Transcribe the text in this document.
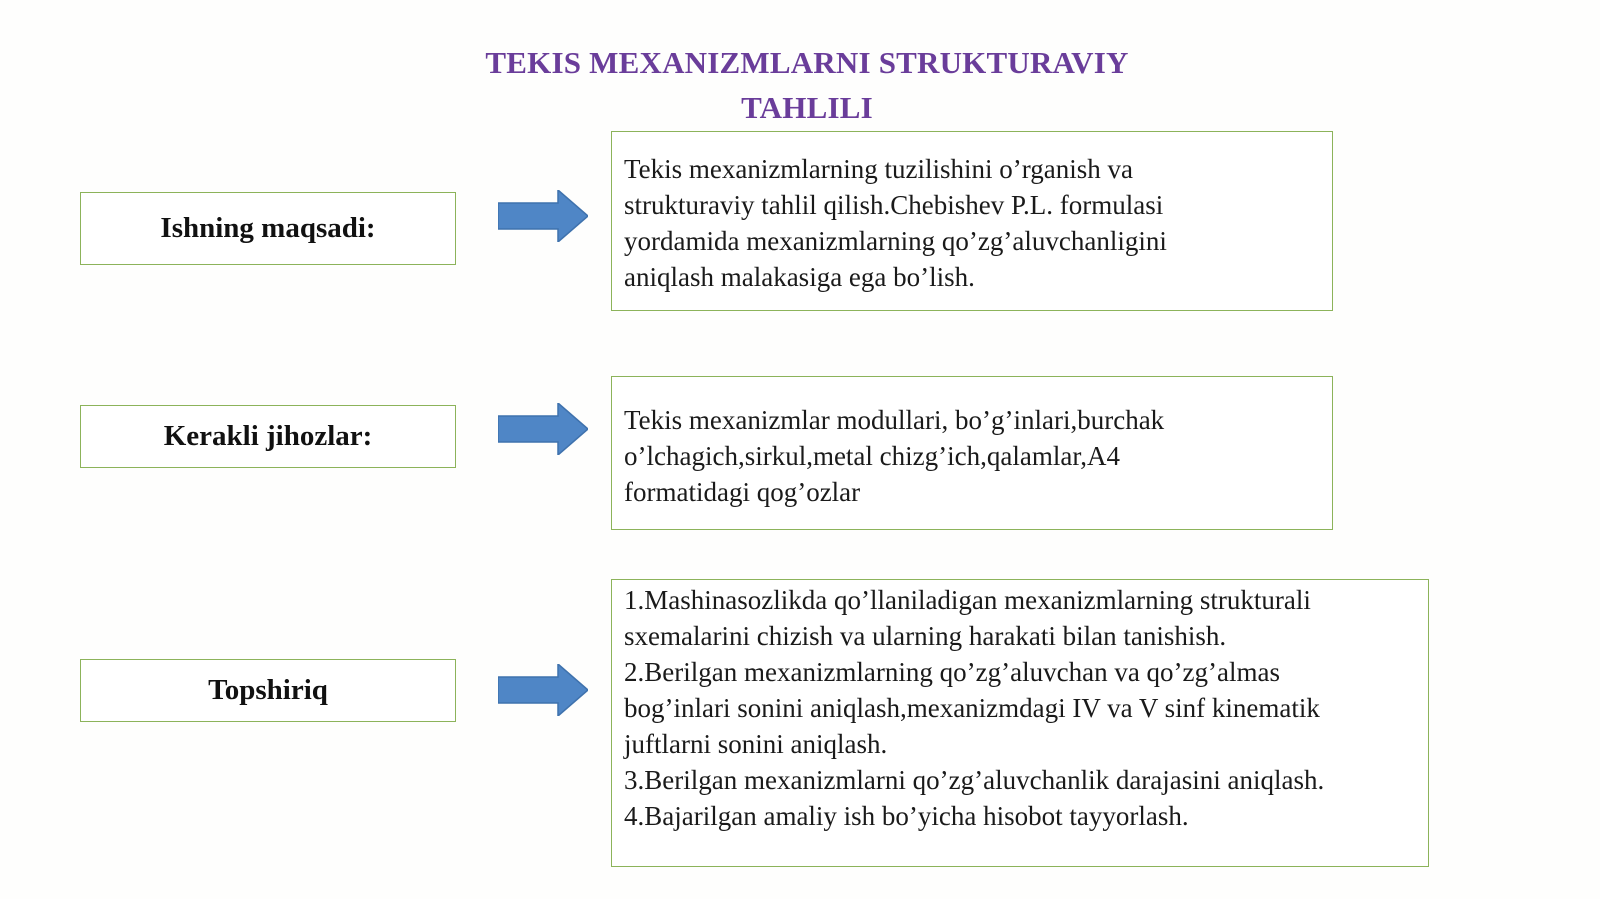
TEKIS MEXANIZMLARNI STRUKTURAVIY
TAHLILI
Ishning maqsadi:
Tekis mexanizmlarning tuzilishini o’rganish va
strukturaviy tahlil qilish.Chebishev P.L. formulasi
yordamida mexanizmlarning qo’zg’aluvchanligini
aniqlash malakasiga ega bo’lish.
Kerakli jihozlar:	Tekis mexanizmlar modullari, bo’g’inlari,burchak
o’lchagich,sirkul,metal chizg’ich,qalamlar,A4
formatidagi qog’ozlar
Topshiriq
1.Mashinasozlikda qo’llaniladigan mexanizmlarning strukturali
sxemalarini chizish va ularning harakati bilan tanishish.
2.Berilgan mexanizmlarning qo’zg’aluvchan va qo’zg’almas
bog’inlari sonini aniqlash,mexanizmdagi IV va V sinf kinematik
juftlarni sonini aniqlash.
3.Berilgan mexanizmlarni qo’zg’aluvchanlik darajasini aniqlash.
4.Bajarilgan amaliy ish bo’yicha hisobot tayyorlash.
